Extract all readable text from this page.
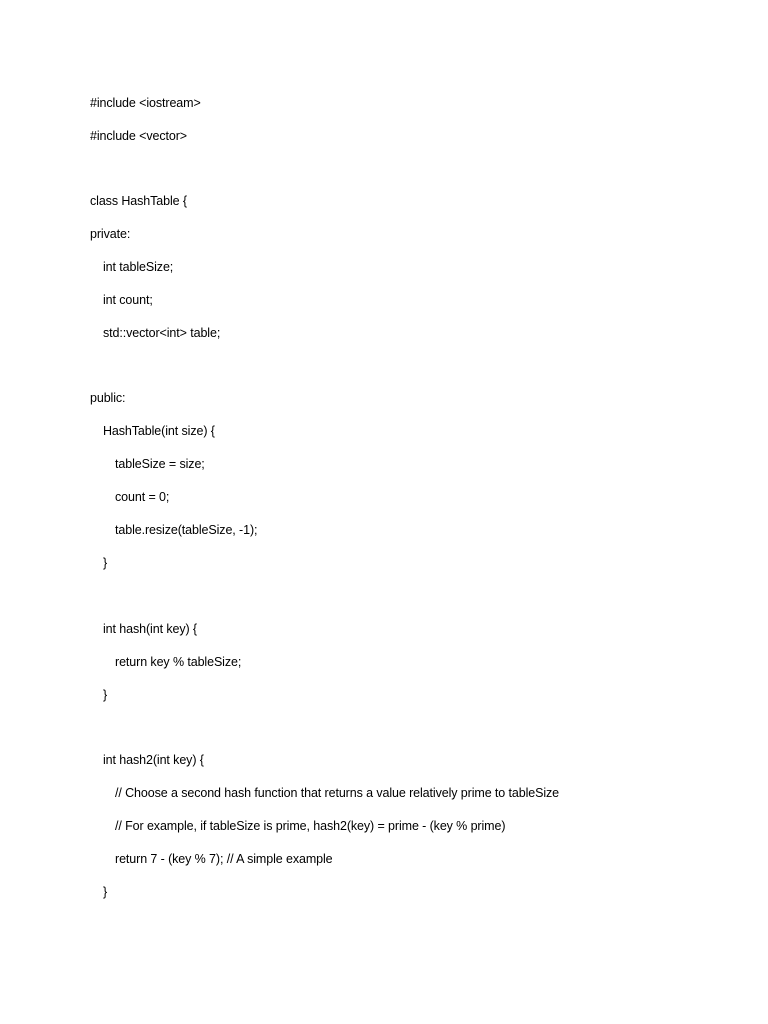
#include <iostream>
#include <vector>
class HashTable {
private:
int tableSize;
int count;
std::vector<int> table;
public:
HashTable(int size) {
tableSize = size;
count = 0;
table.resize(tableSize, -1);
}
int hash(int key) {
return key % tableSize;
}
int hash2(int key) {
// Choose a second hash function that returns a value relatively prime to tableSize
// For example, if tableSize is prime, hash2(key) = prime - (key % prime)
return 7 - (key % 7); // A simple example
}
